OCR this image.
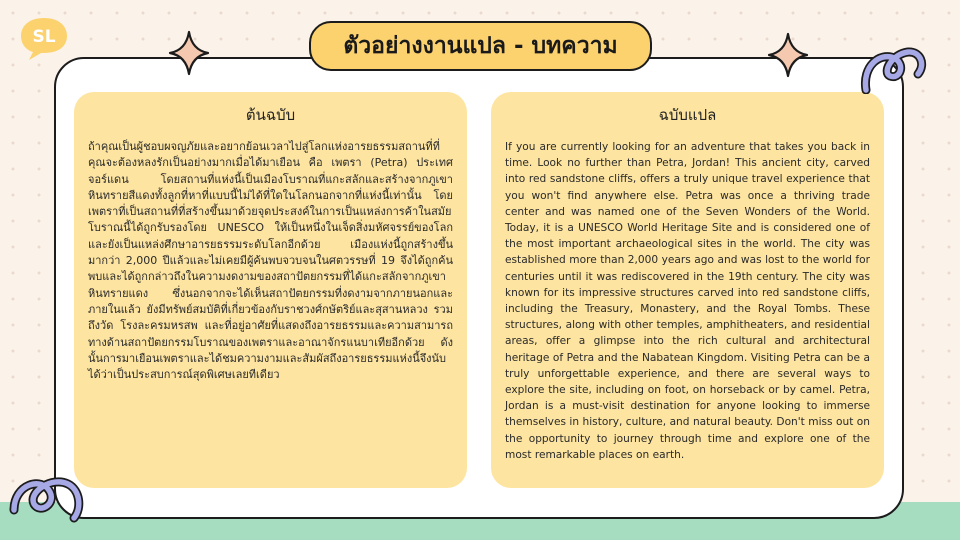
SL	ตัวอย่างงานแปล - บทความ
ต้นฉบับ

ถ้าคุณเป็นผู้ชอบผจญภัยและอยากย้อนเวลาไปสู่โลกแห่งอารยธรรมสถานที่ที่คุณจะต้องหลงรักเป็นอย่างมากเมื่อได้มาเยือน คือ เพตรา (Petra) ประเทศจอร์แดน โดยสถานที่แห่งนี้เป็นเมืองโบราณที่แกะสลักและสร้างจากภูเขาหินทรายสีแดงทั้งลูกที่หาที่แบบนี้ไม่ได้ที่ใดในโลกนอกจากที่แห่งนี้เท่านั้น โดยเพตราที่เป็นสถานที่ที่สร้างขึ้นมาด้วยจุดประสงค์ในการเป็นแหล่งการค้าในสมัยโบราณนี้ได้ถูกรับรองโดย UNESCO ให้เป็นหนึ่งในเจ็ดสิ่งมหัศจรรย์ของโลกและยังเป็นแหล่งศึกษาอารยธรรมระดับโลกอีกด้วย เมืองแห่งนี้ถูกสร้างขึ้นมากว่า 2,000 ปีแล้วและไม่เคยมีผู้ค้นพบจวบจนในศตวรรษที่ 19 จึงได้ถูกค้นพบและได้ถูกกล่าวถึงในความงดงามของสถาปัตยกรรมที่ได้แกะสลักจากภูเขาหินทรายแดง ซึ่งนอกจากจะได้เห็นสถาปัตยกรรมที่งดงามจากภายนอกและภายในแล้ว ยังมีทรัพย์สมบัติที่เกี่ยวข้องกับราชวงศ์กษัตริย์และสุสานหลวง รวมถึงวัด โรงละครมหรสพ และที่อยู่อาศัยที่แสดงถึงอารยธรรมและความสามารถทางด้านสถาปัตยกรรมโบราณของเพตราและอาณาจักรแนบาเทียอีกด้วย ดังนั้นการมาเยือนเพตราและได้ชมความงามและสัมผัสถึงอารยธรรมแห่งนี้จึงนับได้ว่าเป็นประสบการณ์สุดพิเศษเลยทีเดียว

ฉบับแปล

If you are currently looking for an adventure that takes you back in time. Look no further than Petra, Jordan! This ancient city, carved into red sandstone cliffs, offers a truly unique travel experience that you won't find anywhere else. Petra was once a thriving trade center and was named one of the Seven Wonders of the World. Today, it is a UNESCO World Heritage Site and is considered one of the most important archaeological sites in the world. The city was established more than 2,000 years ago and was lost to the world for centuries until it was rediscovered in the 19th century. The city was known for its impressive structures carved into red sandstone cliffs, including the Treasury, Monastery, and the Royal Tombs. These structures, along with other temples, amphitheaters, and residential areas, offer a glimpse into the rich cultural and architectural heritage of Petra and the Nabatean Kingdom. Visiting Petra can be a truly unforgettable experience, and there are several ways to explore the site, including on foot, on horseback or by camel. Petra, Jordan is a must-visit destination for anyone looking to immerse themselves in history, culture, and natural beauty. Don't miss out on the opportunity to journey through time and explore one of the most remarkable places on earth.
